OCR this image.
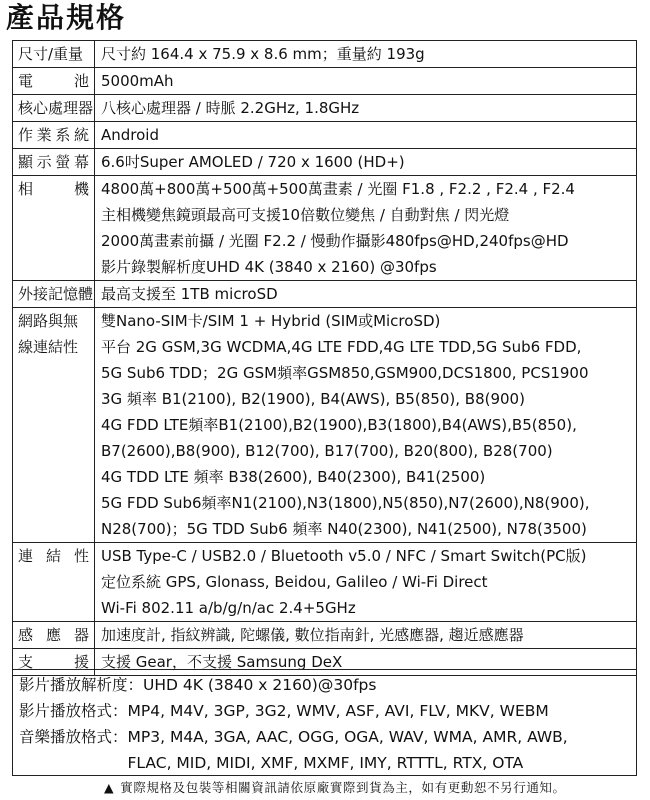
產品規格
尺寸/重量	尺寸約 164.4 x 75.9 x 8.6 mm；重量約 193g
電池 5000mAh
核心處理器 八核心處理器 / 時脈 2.2GHz, 1.8GHz
作業系統 Android
顯示螢幕 6.6吋Super AMOLED / 720 x 1600 (HD+)
相機 4800萬+800萬+500萬+500萬畫素 / 光圈 F1.8 , F2.2 , F2.4 , F2.4
主相機變焦鏡頭最高可支援10倍數位變焦 / 自動對焦 / 閃光燈
2000萬畫素前攝 / 光圈 F2.2 / 慢動作攝影480fps@HD,240fps@HD
影片錄製解析度UHD 4K (3840 x 2160) @30fps
外接記憶體 最高支援至 1TB microSD
網路與無
線連結性
雙Nano-SIM卡/SIM 1 + Hybrid (SIM或MicroSD)
平台 2G GSM,3G WCDMA,4G LTE FDD,4G LTE TDD,5G Sub6 FDD,
5G Sub6 TDD；2G GSM頻率GSM850,GSM900,DCS1800, PCS1900
3G 頻率 B1(2100), B2(1900), B4(AWS), B5(850), B8(900)
4G FDD LTE頻率B1(2100),B2(1900),B3(1800),B4(AWS),B5(850),
B7(2600),B8(900), B12(700), B17(700), B20(800), B28(700)
4G TDD LTE 頻率 B38(2600), B40(2300), B41(2500)
5G FDD Sub6頻率N1(2100),N3(1800),N5(850),N7(2600),N8(900),
N28(700)；5G TDD Sub6 頻率 N40(2300), N41(2500), N78(3500)
連結性 USB Type-C / USB2.0 / Bluetooth v5.0 / NFC / Smart Switch(PC版)
定位系統 GPS, Glonass, Beidou, Galileo / Wi-Fi Direct
Wi-Fi 802.11 a/b/g/n/ac 2.4+5GHz
感應器 加速度計, 指紋辨識, 陀螺儀, 數位指南針, 光感應器, 趨近感應器
支援 支援 Gear，不支援 Samsung DeX
影片播放解析度： UHD 4K (3840 x 2160)@30fps
影片播放格式： MP4, M4V, 3GP, 3G2, WMV, ASF, AVI, FLV, MKV, WEBM
音樂播放格式： MP3, M4A, 3GA, AAC, OGG, OGA, WAV, WMA, AMR, AWB,
FLAC, MID, MIDI, XMF, MXMF, IMY, RTTTL, RTX, OTA
▲ 實際規格及包裝等相關資訊請依原廠實際到貨為主，如有更動恕不另行通知。
